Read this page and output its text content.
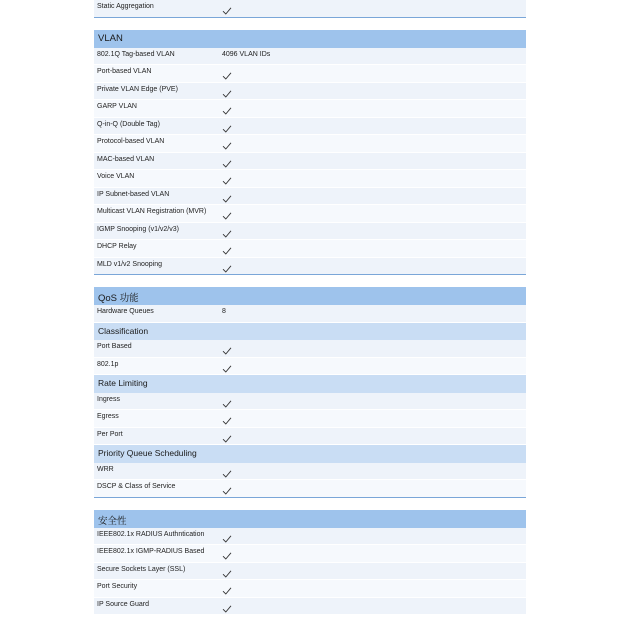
Static Aggregation
VLAN
802.1Q Tag-based VLAN	4096 VLAN IDs
Port-based VLAN
Private VLAN Edge (PVE)
GARP VLAN
Q-in-Q (Double Tag)
Protocol-based VLAN
MAC-based VLAN
Voice VLAN
IP Subnet-based VLAN
Multicast VLAN Registration (MVR)
IGMP Snooping (v1/v2/v3)
DHCP Relay
MLD v1/v2 Snooping
QoS 功能
Hardware Queues	8
Classification
Port Based
802.1p
Rate Limiting
Ingress
Egress
Per Port
Priority Queue Scheduling
WRR
DSCP & Class of Service
安全性
IEEE802.1x RADIUS Authntication
IEEE802.1x IGMP-RADIUS Based
Secure Sockets Layer (SSL)
Port Security
IP Source Guard
